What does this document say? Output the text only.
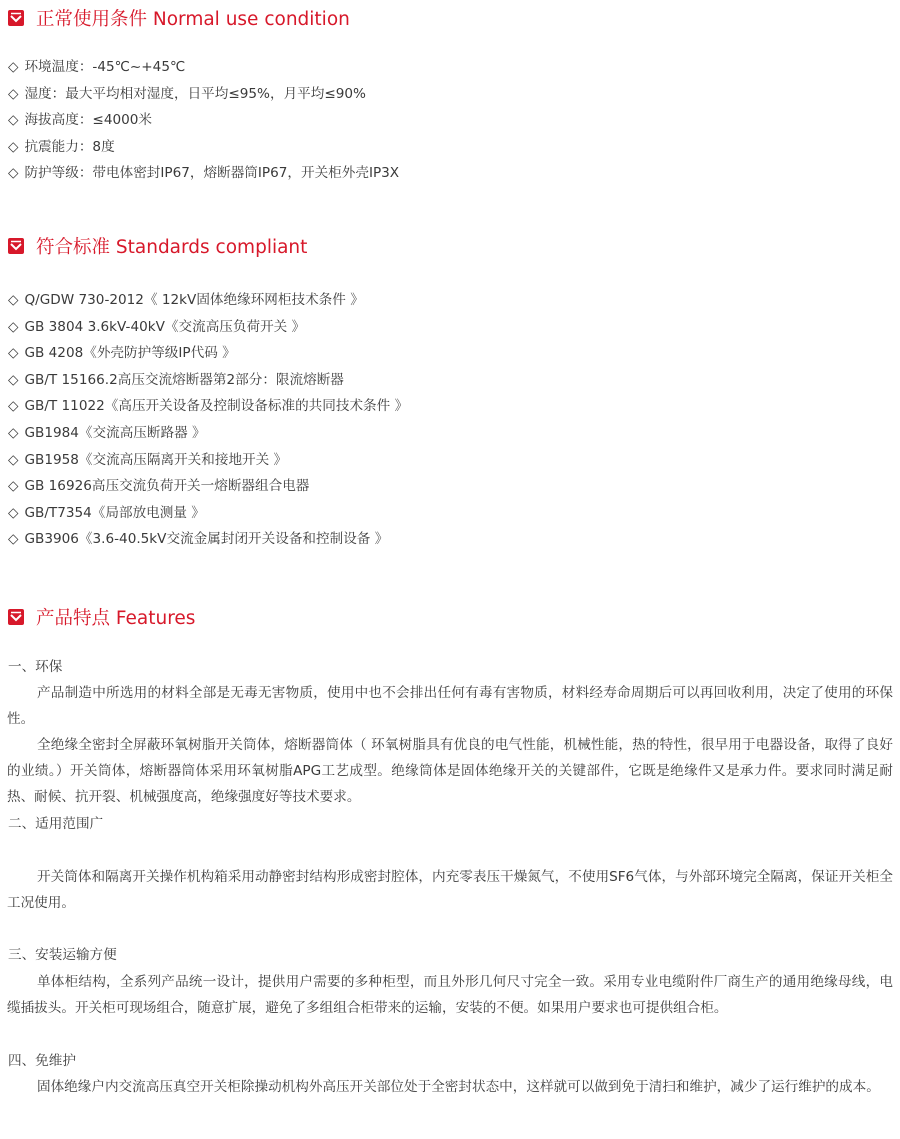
正常使用条件 Normal use condition
◇ 环境温度：-45℃~+45℃
◇ 湿度：最大平均相对湿度，日平均≤95%，月平均≤90%
◇ 海拔高度：≤4000米
◇ 抗震能力：8度
◇ 防护等级：带电体密封IP67，熔断器筒IP67，开关柜外壳IP3X
符合标准 Standards compliant
◇ Q/GDW 730-2012《 12kV固体绝缘环网柜技术条件 》
◇ GB 3804 3.6kV-40kV《交流高压负荷开关 》
◇ GB 4208《外壳防护等级IP代码 》
◇ GB/T 15166.2高压交流熔断器第2部分：限流熔断器
◇ GB/T 11022《高压开关设备及控制设备标准的共同技术条件 》
◇ GB1984《交流高压断路器 》
◇ GB1958《交流高压隔离开关和接地开关 》
◇ GB 16926高压交流负荷开关一熔断器组合电器
◇ GB/T7354《局部放电测量 》
◇ GB3906《3.6-40.5kV交流金属封闭开关设备和控制设备 》
产品特点 Features
一、环保

产品制造中所选用的材料全部是无毒无害物质，使用中也不会排出任何有毒有害物质，材料经寿命周期后可以再回收利用，决定了使用的环保性。

全绝缘全密封全屏蔽环氧树脂开关筒体，熔断器筒体（ 环氧树脂具有优良的电气性能，机械性能，热的特性，很早用于电器设备，取得了良好的业绩。）开关筒体，熔断器筒体采用环氧树脂APG工艺成型。绝缘筒体是固体绝缘开关的关键部件，它既是绝缘件又是承力件。要求同时满足耐热、耐候、抗开裂、机械强度高，绝缘强度好等技术要求。

二、适用范围广

开关筒体和隔离开关操作机构箱采用动静密封结构形成密封腔体，内充零表压干燥氮气，不使用SF6气体，与外部环境完全隔离，保证开关柜全工况使用。

三、安装运输方便

单体柜结构，全系列产品统一设计，提供用户需要的多种柜型，而且外形几何尺寸完全一致。采用专业电缆附件厂商生产的通用绝缘母线，电缆插拔头。开关柜可现场组合，随意扩展，避免了多组组合柜带来的运输，安装的不便。如果用户要求也可提供组合柜。

四、免维护

固体绝缘户内交流高压真空开关柜除操动机构外高压开关部位处于全密封状态中，这样就可以做到免于清扫和维护，减少了运行维护的成本。
